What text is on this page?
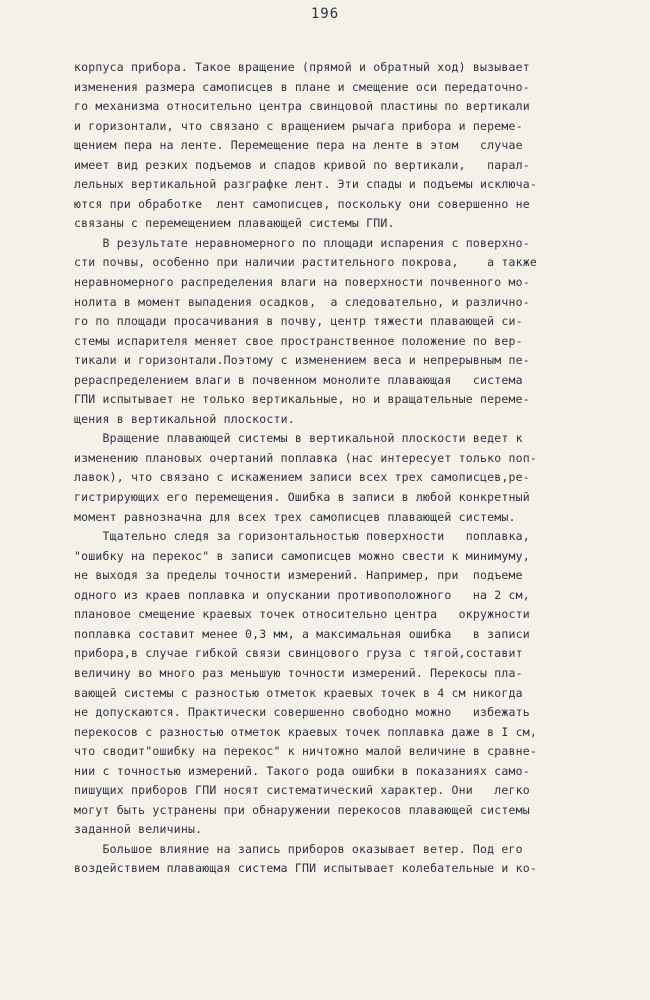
196
корпуса прибора. Такое вращение (прямой и обратный ход) вызывает
изменения размера самописцев в плане и смещение оси передаточно-
го механизма относительно центра свинцовой пластины по вертикали
и горизонтали, что связано с вращением рычага прибора и переме-
щением пера на ленте. Перемещение пера на ленте в этом   случае
имеет вид резких подъемов и спадов кривой по вертикали,   парал-
лельных вертикальной разграфке лент. Эти спады и подъемы исключа-
ются при обработке  лент самописцев, поскольку они совершенно не
связаны с перемещением плавающей системы ГПИ.
В результате неравномерного по площади испарения с поверхно-
сти почвы, особенно при наличии растительного покрова,    а также
неравномерного распределения влаги на поверхности почвенного мо-
нолита в момент выпадения осадков,  а следовательно, и различно-
го по площади просачивания в почву, центр тяжести плавающей си-
стемы испарителя меняет свое пространственное положение по вер-
тикали и горизонтали.Поэтому с изменением веса и непрерывным пе-
рераспределением влаги в почвенном монолите плавающая   система
ГПИ испытывает не только вертикальные, но и вращательные переме-
щения в вертикальной плоскости.
Вращение плавающей системы в вертикальной плоскости ведет к
изменению плановых очертаний поплавка (нас интересует только поп-
лавок), что связано с искажением записи всех трех самописцев,ре-
гистрирующих его перемещения. Ошибка в записи в любой конкретный
момент равнозначна для всех трех самописцев плавающей системы.
Тщательно следя за горизонтальностью поверхности   поплавка,
"ошибку на перекос" в записи самописцев можно свести к минимуму,
не выходя за пределы точности измерений. Например, при  подъеме
одного из краев поплавка и опускании противоположного   на 2 см,
плановое смещение краевых точек относительно центра   окружности
поплавка составит менее 0,3 мм, а максимальная ошибка   в записи
прибора,в случае гибкой связи свинцового груза с тягой,составит
величину во много раз меньшую точности измерений. Перекосы пла-
вающей системы с разностью отметок краевых точек в 4 см никогда
не допускаются. Практически совершенно свободно можно   избежать
перекосов с разностью отметок краевых точек поплавка даже в I см,
что сводит"ошибку на перекос" к ничтожно малой величине в сравне-
нии с точностью измерений. Такого рода ошибки в показаниях само-
пишущих приборов ГПИ носят систематический характер. Они   легко
могут быть устранены при обнаружении перекосов плавающей системы
заданной величины.
Большое влияние на запись приборов оказывает ветер. Под его
воздействием плавающая система ГПИ испытывает колебательные и ко-
